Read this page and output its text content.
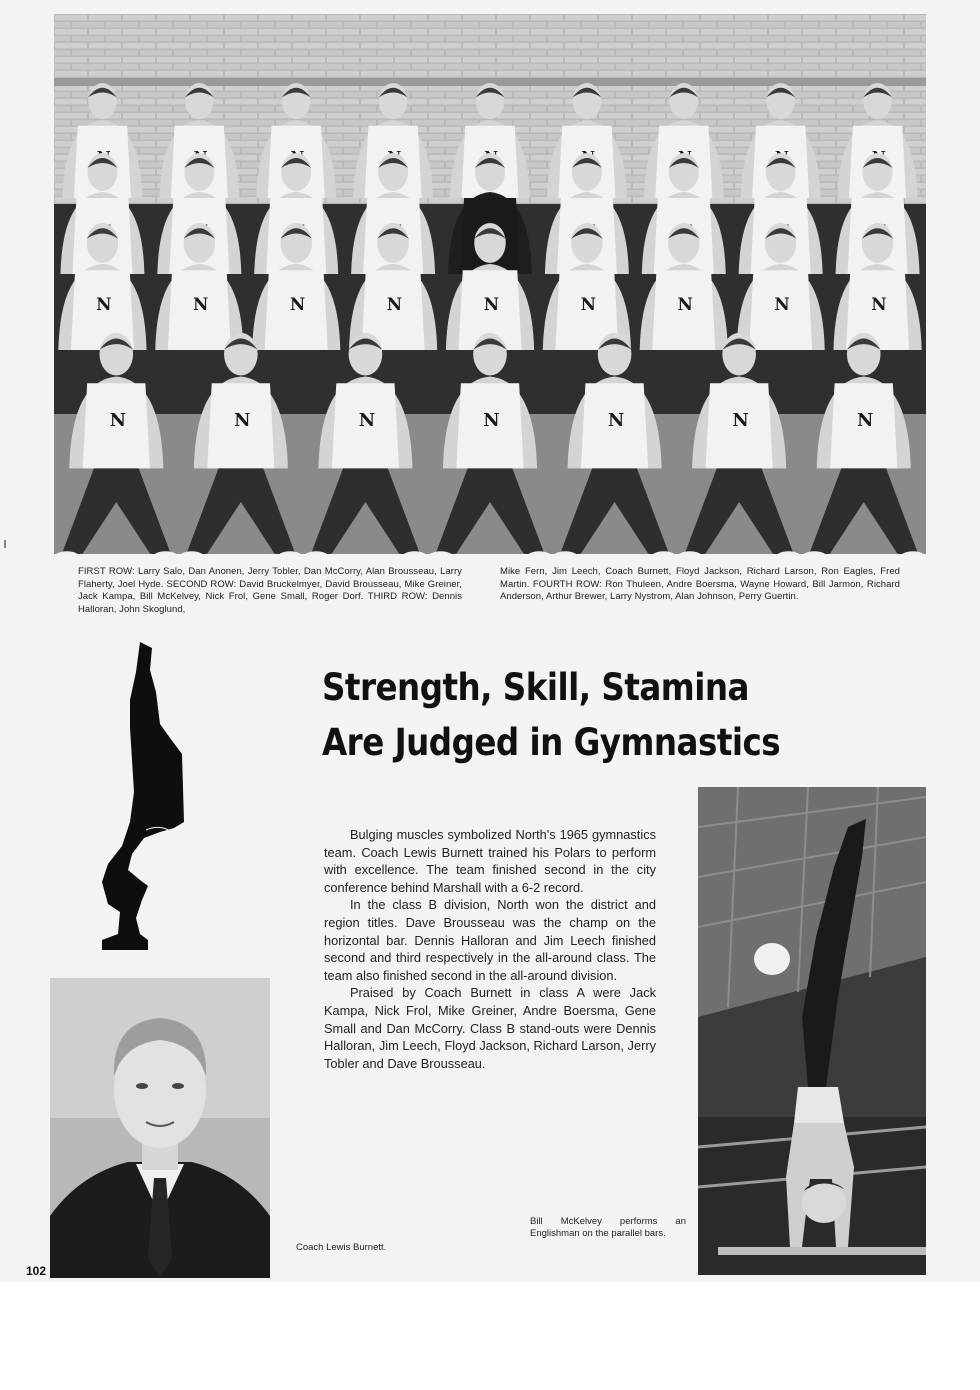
N	N	N	N	N	N	N	N	N
N	N	N	N	N	N	N
FIRST ROW: Larry Salo, Dan Anonen, Jerry Tobler, Dan McCorry, Alan Brousseau, Larry Flaherty, Joel Hyde. SECOND ROW: David Bruckelmyer, David Brousseau, Mike Greiner, Jack Kampa, Bill McKelvey, Nick Frol, Gene Small, Roger Dorf. THIRD ROW: Dennis Halloran, John Skoglund,
Mike Fern, Jim Leech, Coach Burnett, Floyd Jackson, Richard Larson, Ron Eagles, Fred Martin. FOURTH ROW: Ron Thuleen, Andre Boersma, Wayne Howard, Bill Jarmon, Richard Anderson, Arthur Brewer, Larry Nystrom, Alan Johnson, Perry Guertin.
Strength, Skill, Stamina
Are Judged in Gymnastics

Bulging muscles symbolized North's 1965 gymnastics team. Coach Lewis Burnett trained his Polars to perform with excellence. The team finished second in the city conference behind Marshall with a 6-2 record.

In the class B division, North won the district and region titles. Dave Brousseau was the champ on the horizontal bar. Dennis Halloran and Jim Leech finished second and third respectively in the all-around class. The team also finished second in the all-around division.

Praised by Coach Burnett in class A were Jack Kampa, Nick Frol, Mike Greiner, Andre Boersma, Gene Small and Dan McCorry. Class B stand-outs were Dennis Halloran, Jim Leech, Floyd Jackson, Richard Larson, Jerry Tobler and Dave Brousseau.

Coach Lewis Burnett.
Bill McKelvey performs an Englishman on the parallel bars.
102
